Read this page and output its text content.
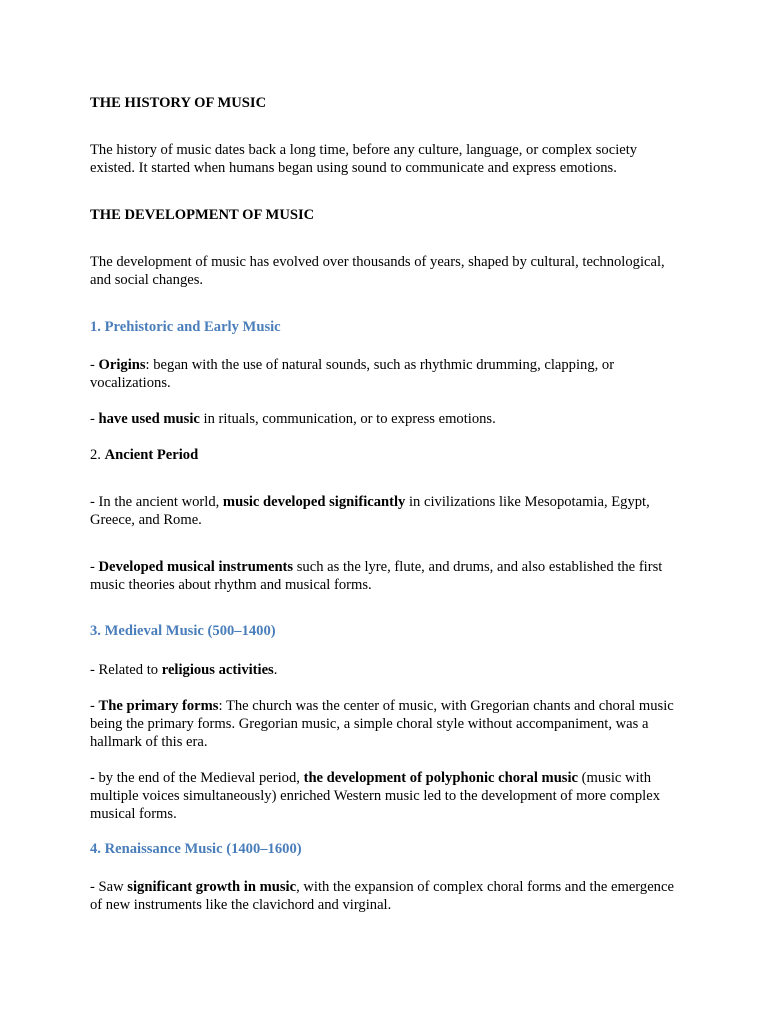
THE HISTORY OF MUSIC

The history of music dates back a long time, before any culture, language, or complex society existed. It started when humans began using sound to communicate and express emotions.

THE DEVELOPMENT OF MUSIC

The development of music has evolved over thousands of years, shaped by cultural, technological, and social changes.

1. Prehistoric and Early Music

- Origins: began with the use of natural sounds, such as rhythmic drumming, clapping, or vocalizations.

- have used music in rituals, communication, or to express emotions.

2. Ancient Period

- In the ancient world, music developed significantly in civilizations like Mesopotamia, Egypt, Greece, and Rome.

- Developed musical instruments such as the lyre, flute, and drums, and also established the first music theories about rhythm and musical forms.

3. Medieval Music (500–1400)

- Related to religious activities.

- The primary forms: The church was the center of music, with Gregorian chants and choral music being the primary forms. Gregorian music, a simple choral style without accompaniment, was a hallmark of this era.

- by the end of the Medieval period, the development of polyphonic choral music (music with multiple voices simultaneously) enriched Western music led to the development of more complex musical forms.

4. Renaissance Music (1400–1600)

- Saw significant growth in music, with the expansion of complex choral forms and the emergence of new instruments like the clavichord and virginal.
